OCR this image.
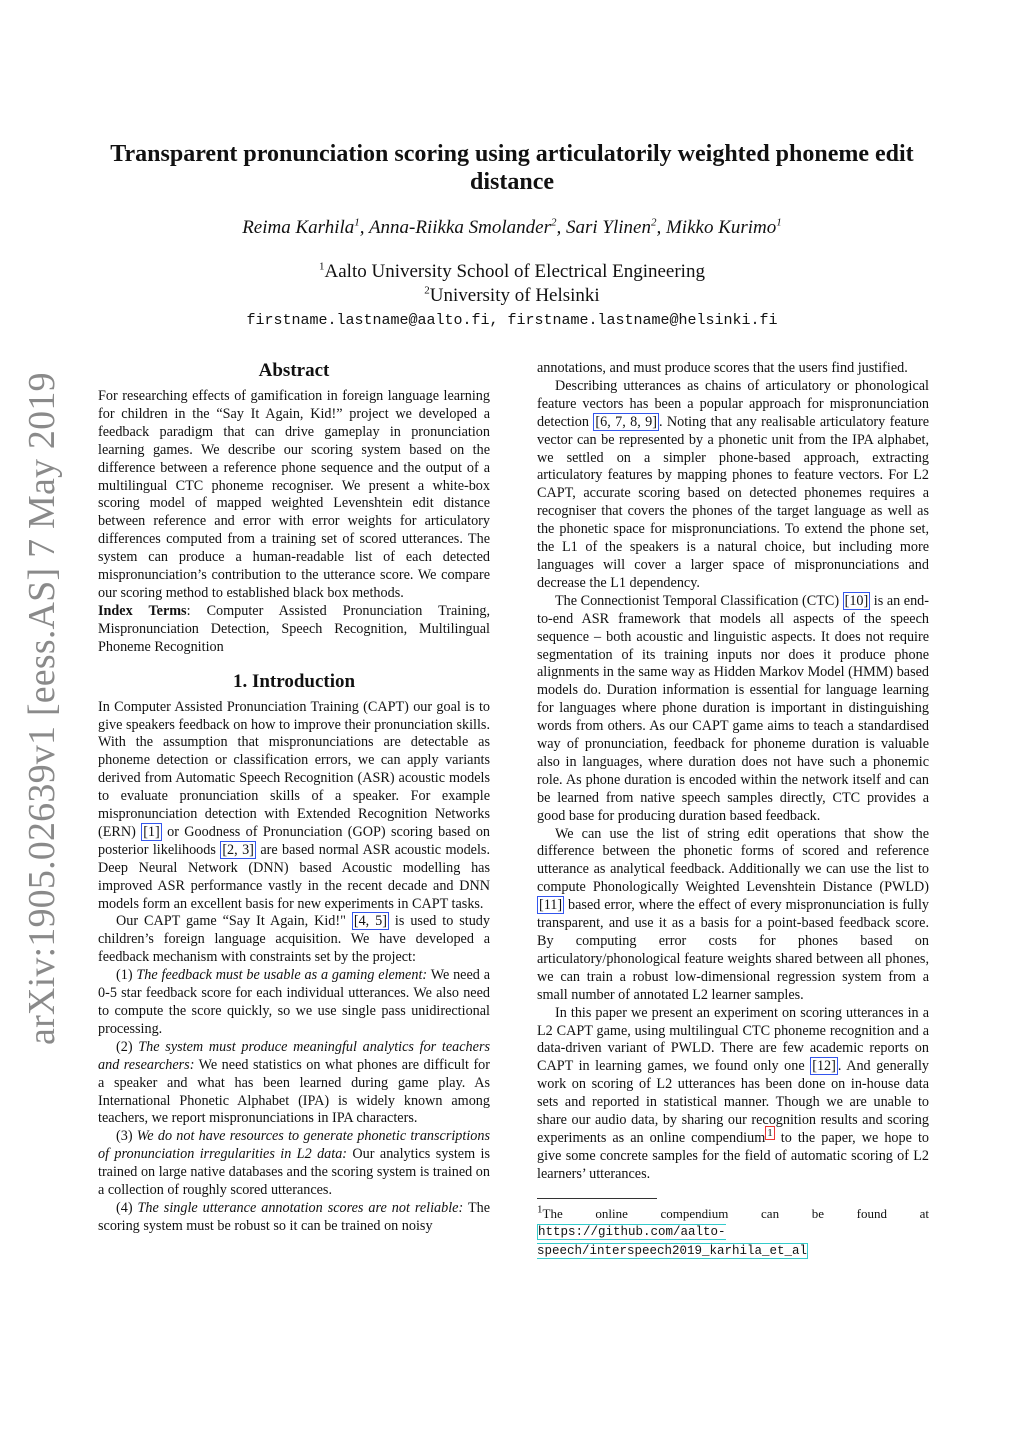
arXiv:1905.02639v1 [eess.AS] 7 May 2019
Transparent pronunciation scoring using articulatorily weighted phoneme edit distance
Reima Karhila$^1$, Anna-Riikka Smolander$^2$, Sari Ylinen$^2$, Mikko Kurimo$^1$
$^1$Aalto University School of Electrical Engineering
$^2$University of Helsinki
firstname.lastname@aalto.fi, firstname.lastname@helsinki.fi
Abstract

For researching effects of gamification in foreign language learning for children in the “Say It Again, Kid!” project we developed a feedback paradigm that can drive gameplay in pronunciation learning games. We describe our scoring system based on the difference between a reference phone sequence and the output of a multilingual CTC phoneme recogniser. We present a white-box scoring model of mapped weighted Levenshtein edit distance between reference and error with error weights for articulatory differences computed from a training set of scored utterances. The system can produce a human-readable list of each detected mispronunciation’s contribution to the utterance score. We compare our scoring method to established black box methods.

Index Terms: Computer Assisted Pronunciation Training, Mispronunciation Detection, Speech Recognition, Multilingual Phoneme Recognition

1. Introduction

In Computer Assisted Pronunciation Training (CAPT) our goal is to give speakers feedback on how to improve their pronunciation skills. With the assumption that mispronunciations are detectable as phoneme detection or classification errors, we can apply variants derived from Automatic Speech Recognition (ASR) acoustic models to evaluate pronunciation skills of a speaker. For example mispronunciation detection with Extended Recognition Networks (ERN) [1] or Goodness of Pronunciation (GOP) scoring based on posterior likelihoods [2, 3] are based normal ASR acoustic models. Deep Neural Network (DNN) based Acoustic modelling has improved ASR performance vastly in the recent decade and DNN models form an excellent basis for new experiments in CAPT tasks.

Our CAPT game “Say It Again, Kid!" [4, 5] is used to study children’s foreign language acquisition. We have developed a feedback mechanism with constraints set by the project:

(1) The feedback must be usable as a gaming element: We need a 0-5 star feedback score for each individual utterances. We also need to compute the score quickly, so we use single pass unidirectional processing.

(2) The system must produce meaningful analytics for teachers and researchers: We need statistics on what phones are difficult for a speaker and what has been learned during game play. As International Phonetic Alphabet (IPA) is widely known among teachers, we report mispronunciations in IPA characters.

(3) We do not have resources to generate phonetic transcriptions of pronunciation irregularities in L2 data: Our analytics system is trained on large native databases and the scoring system is trained on a collection of roughly scored utterances.

(4) The single utterance annotation scores are not reliable: The scoring system must be robust so it can be trained on noisy

annotations, and must produce scores that the users find justified.

Describing utterances as chains of articulatory or phonological feature vectors has been a popular approach for mispronunciation detection [6, 7, 8, 9] . Noting that any realisable articulatory feature vector can be represented by a phonetic unit from the IPA alphabet, we settled on a simpler phone-based approach, extracting articulatory features by mapping phones to feature vectors. For L2 CAPT, accurate scoring based on detected phonemes requires a recogniser that covers the phones of the target language as well as the phonetic space for mispronunciations. To extend the phone set, the L1 of the speakers is a natural choice, but including more languages will cover a larger space of mispronunciations and decrease the L1 dependency.

The Connectionist Temporal Classification (CTC) [10] is an end-to-end ASR framework that models all aspects of the speech sequence – both acoustic and linguistic aspects. It does not require segmentation of its training inputs nor does it produce phone alignments in the same way as Hidden Markov Model (HMM) based models do. Duration information is essential for language learning for languages where phone duration is important in distinguishing words from others. As our CAPT game aims to teach a standardised way of pronunciation, feedback for phoneme duration is valuable also in languages, where duration does not have such a phonemic role. As phone duration is encoded within the network itself and can be learned from native speech samples directly, CTC provides a good base for producing duration based feedback.

We can use the list of string edit operations that show the difference between the phonetic forms of scored and reference utterance as analytical feedback. Additionally we can use the list to compute Phonologically Weighted Levenshtein Distance (PWLD) [11] based error, where the effect of every mispronunciation is fully transparent, and use it as a basis for a point-based feedback score. By computing error costs for phones based on articulatory/phonological feature weights shared between all phones, we can train a robust low-dimensional regression system from a small number of annotated L2 learner samples.

In this paper we present an experiment on scoring utterances in a L2 CAPT game, using multilingual CTC phoneme recognition and a data-driven variant of PWLD. There are few academic reports on CAPT in learning games, we found only one [12] . And generally work on scoring of L2 utterances has been done on in-house data sets and reported in statistical manner. Though we are unable to share our audio data, by sharing our recognition results and scoring experiments as an online compendium $^1$ to the paper, we hope to give some concrete samples for the field of automatic scoring of L2 learners’ utterances.

$^1$The online compendium can be found at https://github.com/aalto-speech/interspeech2019_karhila_et_al
